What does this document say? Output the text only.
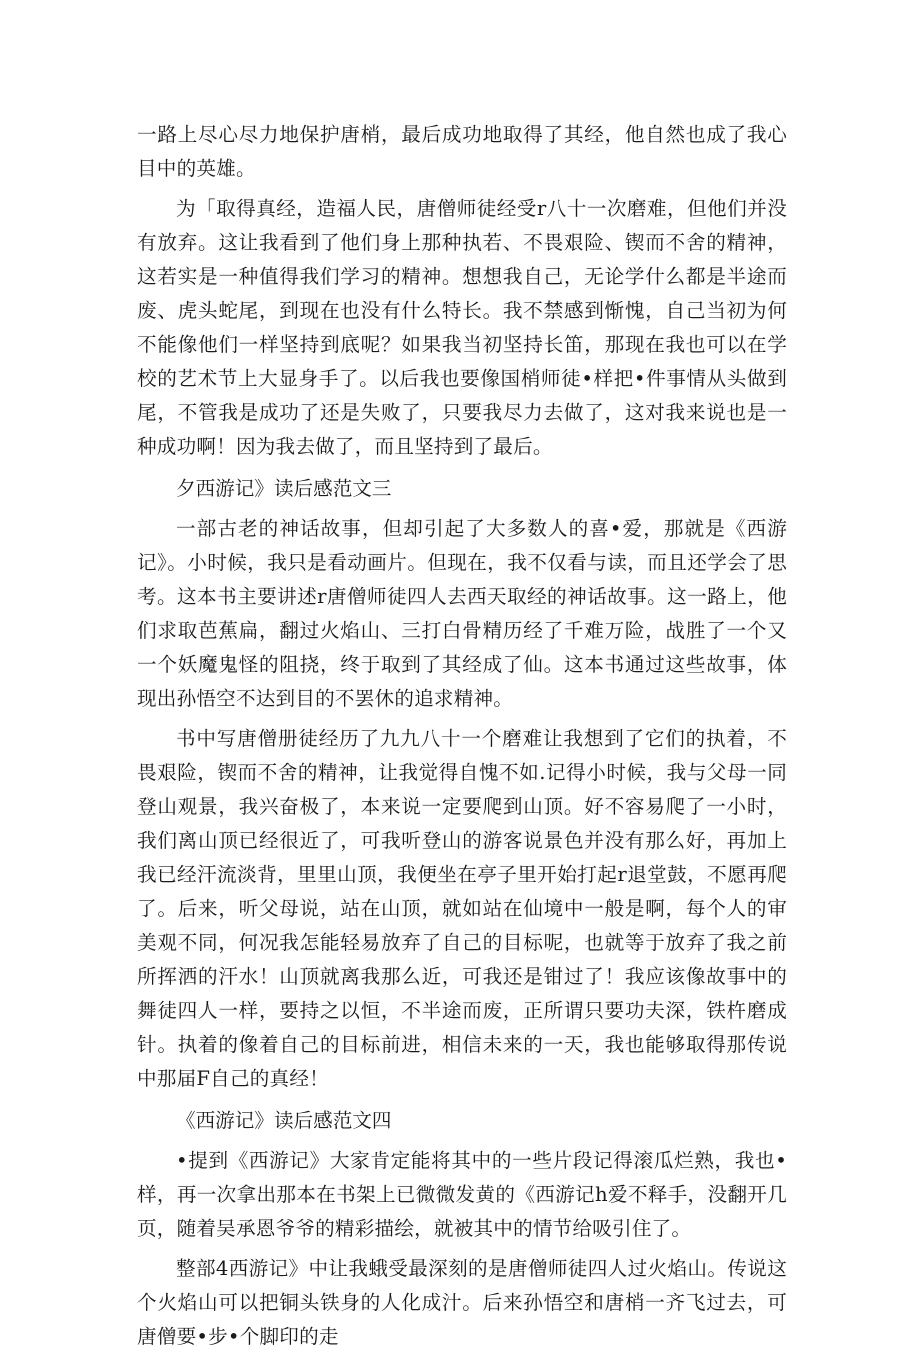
一路上尽心尽力地保护唐梢，最后成功地取得了其经，他自然也成了我心目中的英雄。

为「取得真经，造福人民，唐僧师徒经受r八十一次磨难，但他们并没有放弃。这让我看到了他们身上那种执若、不畏艰险、锲而不舍的精神，这若实是一种值得我们学习的精神。想想我自己，无论学什么都是半途而废、虎头蛇尾，到现在也没有什么特长。我不禁感到惭愧，自己当初为何不能像他们一样坚持到底呢？如果我当初坚持长笛，那现在我也可以在学校的艺术节上大显身手了。以后我也要像国梢师徒•样把•件事情从头做到尾，不管我是成功了还是失败了，只要我尽力去做了，这对我来说也是一种成功啊！因为我去做了，而且坚持到了最后。

夕西游记》读后感范文三

一部古老的神话故事，但却引起了大多数人的喜•爱，那就是《西游记》。小时候，我只是看动画片。但现在，我不仅看与读，而且还学会了思考。这本书主要讲述r唐僧师徒四人去西天取经的神话故事。这一路上，他们求取芭蕉扁，翻过火焰山、三打白骨精历经了千难万险，战胜了一个又一个妖魔鬼怪的阻挠，终于取到了其经成了仙。这本书通过这些故事，体现出孙悟空不达到目的不罢休的追求精神。

书中写唐僧册徒经历了九九八十一个磨难让我想到了它们的执着，不畏艰险，锲而不舍的精神，让我觉得自愧不如.记得小时候，我与父母一同登山观景，我兴奋极了，本来说一定要爬到山顶。好不容易爬了一小时，我们离山顶已经很近了，可我听登山的游客说景色并没有那么好，再加上我已经汗流淡背，里里山顶，我便坐在亭子里开始打起r退堂鼓，不愿再爬了。后来，听父母说，站在山顶，就如站在仙境中一般是啊，每个人的审美观不同，何况我怎能轻易放弃了自己的目标呢，也就等于放弃了我之前所挥洒的汗水！山顶就离我那么近，可我还是钳过了！我应该像故事中的舞徒四人一样，要持之以恒，不半途而废，正所谓只要功夫深，铁杵磨成针。执着的像着自己的目标前进，相信未来的一天，我也能够取得那传说中那届F自己的真经！

《西游记》读后感范文四

•提到《西游记》大家肯定能将其中的一些片段记得滚瓜烂熟，我也•样，再一次拿出那本在书架上已微微发黄的《西游记h爱不释手，没翻开几页，随着吴承恩爷爷的精彩描绘，就被其中的情节给吸引住了。

整部4西游记》中让我蛾受最深刻的是唐僧师徒四人过火焰山。传说这个火焰山可以把铜头铁身的人化成汁。后来孙悟空和唐梢一齐飞过去，可唐僧要•步•个脚印的走
